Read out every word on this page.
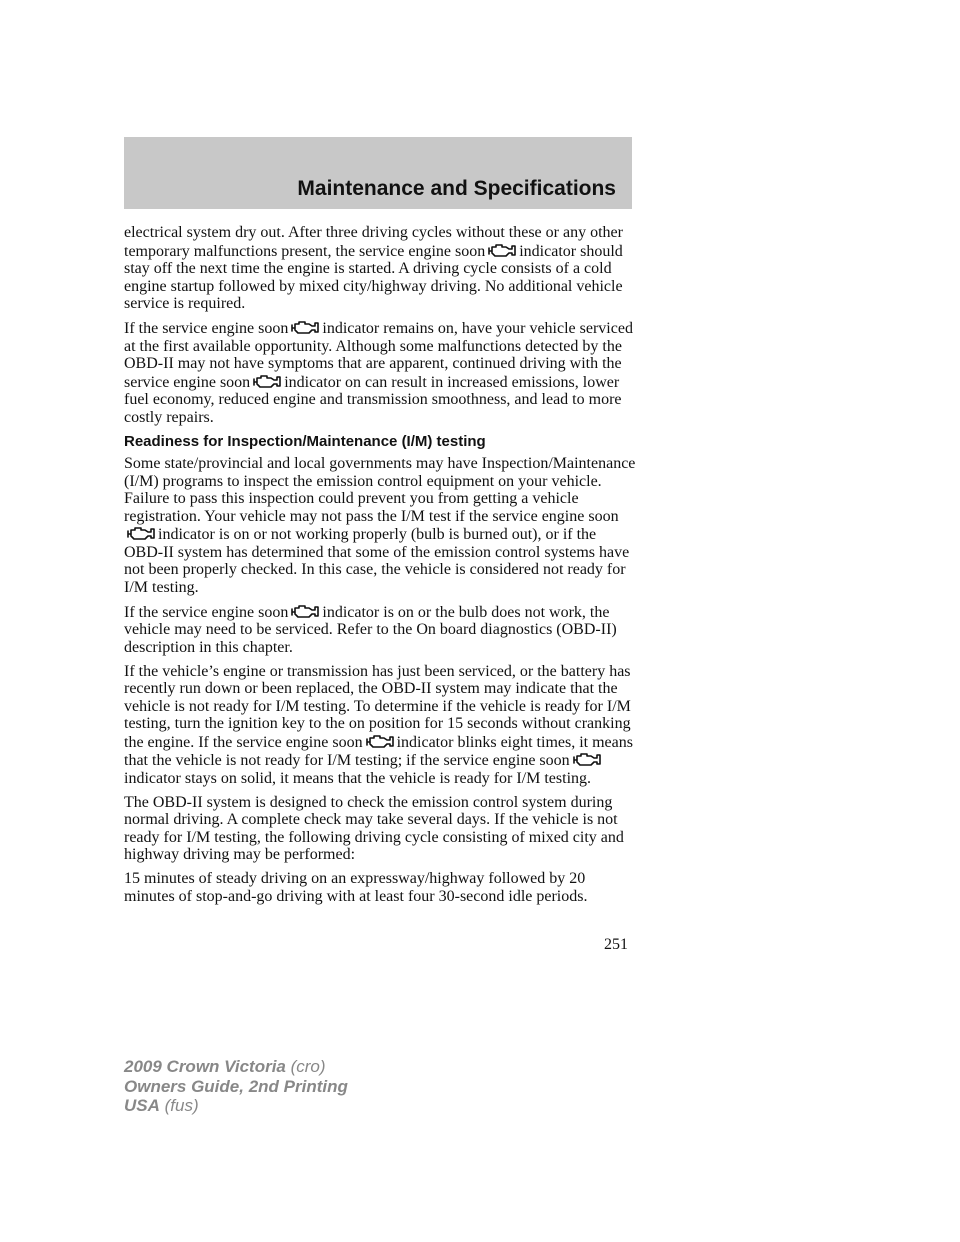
Maintenance and Specifications

electrical system dry out. After three driving cycles without these or any other temporary malfunctions present, the service engine soon indicator should stay off the next time the engine is started. A driving cycle consists of a cold engine startup followed by mixed city/highway driving. No additional vehicle service is required.

If the service engine soon indicator remains on, have your vehicle serviced at the first available opportunity. Although some malfunctions detected by the OBD-II may not have symptoms that are apparent, continued driving with the service engine soon indicator on can result in increased emissions, lower fuel economy, reduced engine and transmission smoothness, and lead to more costly repairs.

Readiness for Inspection/Maintenance (I/M) testing

Some state/provincial and local governments may have Inspection/Maintenance (I/M) programs to inspect the emission control equipment on your vehicle. Failure to pass this inspection could prevent you from getting a vehicle registration. Your vehicle may not pass the I/M test if the service engine soon
indicator is on or not working properly (bulb is burned out), or if the OBD-II system has determined that some of the emission control systems have not been properly checked. In this case, the vehicle is considered not ready for I/M testing.

If the service engine soon indicator is on or the bulb does not work, the vehicle may need to be serviced. Refer to the On board diagnostics (OBD-II) description in this chapter.

If the vehicle’s engine or transmission has just been serviced, or the battery has recently run down or been replaced, the OBD-II system may indicate that the vehicle is not ready for I/M testing. To determine if the vehicle is ready for I/M testing, turn the ignition key to the on position for 15 seconds without cranking the engine. If the service engine soon indicator blinks eight times, it means that the vehicle is not ready for I/M testing; if the service engine soon
indicator stays on solid, it means that the vehicle is ready for I/M testing.

The OBD-II system is designed to check the emission control system during normal driving. A complete check may take several days. If the vehicle is not ready for I/M testing, the following driving cycle consisting of mixed city and highway driving may be performed:

15 minutes of steady driving on an expressway/highway followed by 20 minutes of stop-and-go driving with at least four 30-second idle periods.

251

2009 Crown Victoria (cro)
Owners Guide, 2nd Printing
USA (fus)
